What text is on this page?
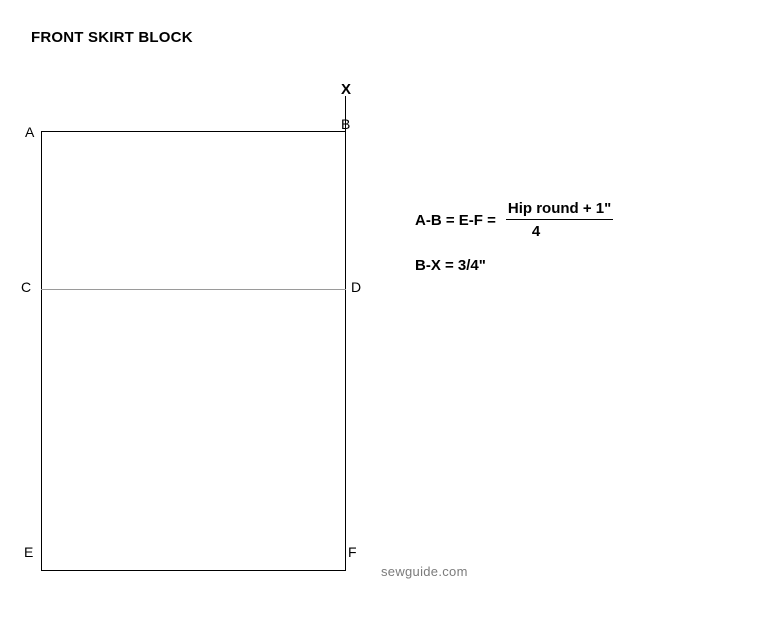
FRONT SKIRT BLOCK
X
A	B
C	D
E	F
$A-B = E-F = \frac{\text{Hip round + 1"}}{4}$
B-X = 3/4"
sewguide.com
